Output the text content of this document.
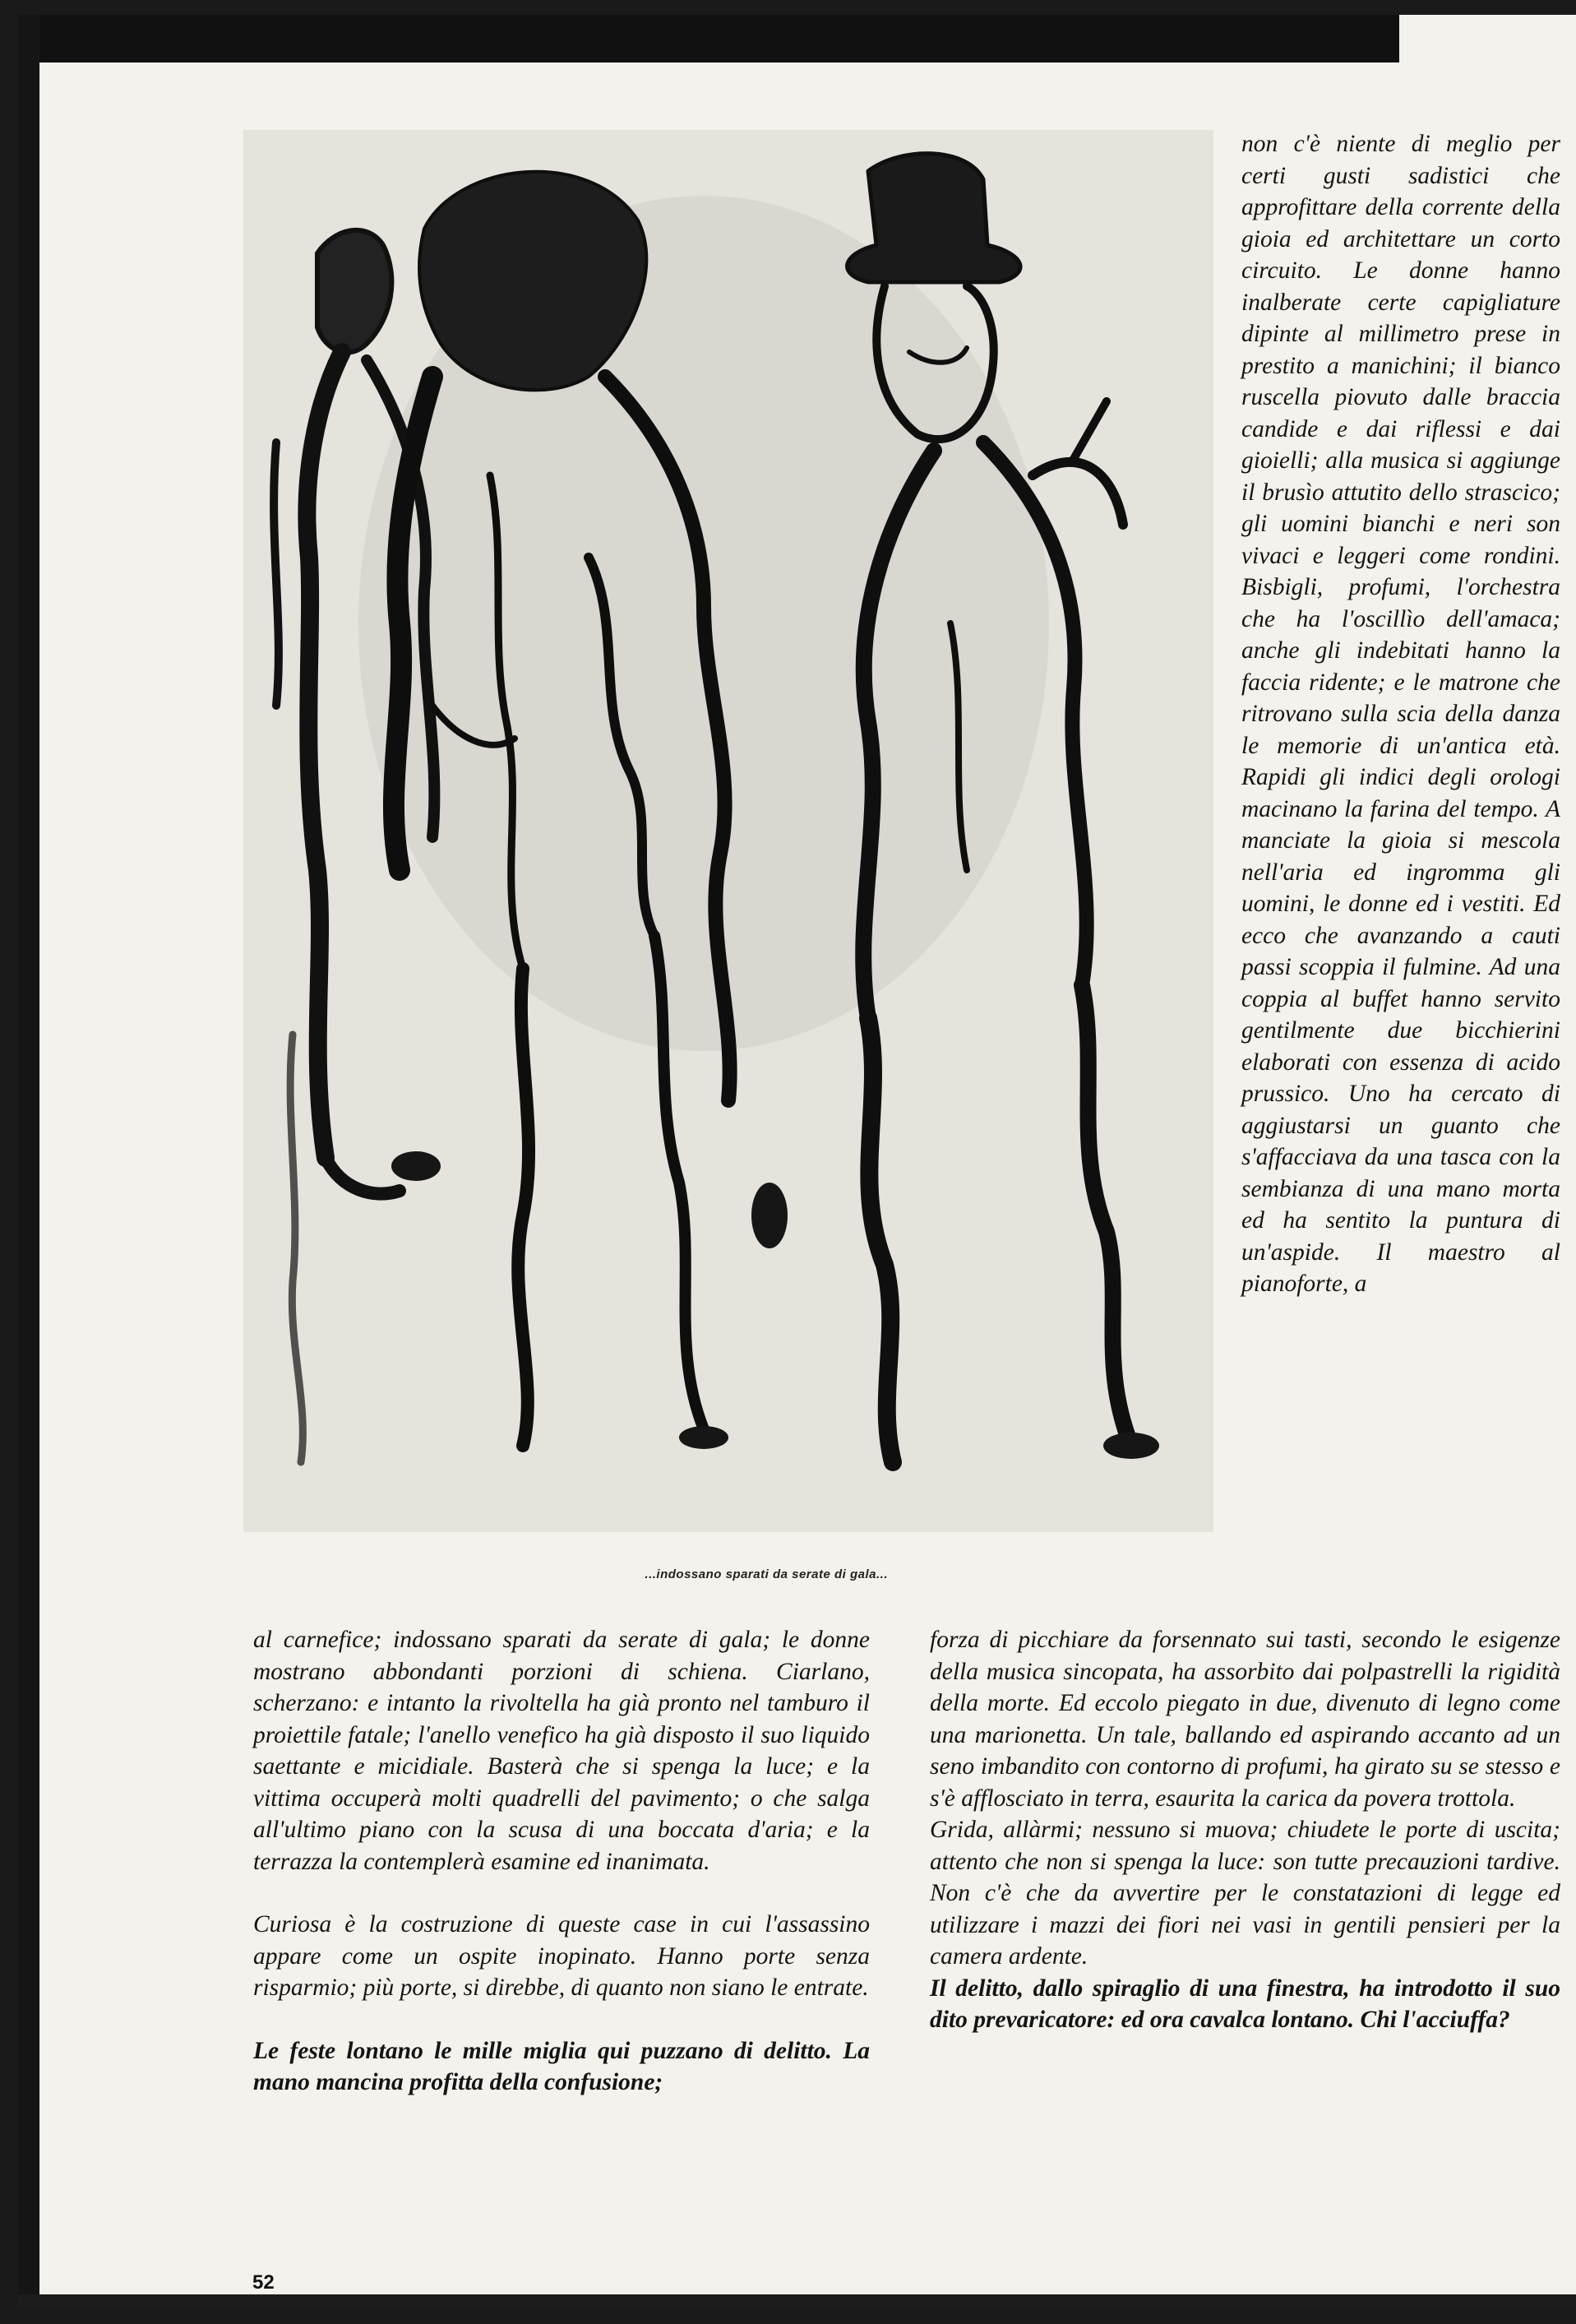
...indossano sparati da serate di gala...

non c'è niente di meglio per certi gusti sadistici che approfittare della corrente della gioia ed architettare un corto circuito. Le donne hanno inalberate certe capigliature dipinte al millimetro prese in prestito a manichini; il bianco ruscella piovuto dalle braccia candide e dai riflessi e dai gioielli; alla musica si aggiunge il brusìo attutito dello strascico; gli uomini bianchi e neri son vivaci e leggeri come rondini. Bisbigli, profumi, l'orchestra che ha l'oscillìo dell'amaca; anche gli indebitati hanno la faccia ridente; e le matrone che ritrovano sulla scia della danza le memorie di un'antica età. Rapidi gli indici degli orologi macinano la farina del tempo. A manciate la gioia si mescola nell'aria ed ingromma gli uomini, le donne ed i vestiti. Ed ecco che avanzando a cauti passi scoppia il fulmine. Ad una coppia al buffet hanno servito gentilmente due bicchierini elaborati con essenza di acido prussico. Uno ha cercato di aggiustarsi un guanto che s'affacciava da una tasca con la sembianza di una mano morta ed ha sentito la puntura di un'aspide. Il maestro al pianoforte, a

al carnefice; indossano sparati da serate di gala; le donne mostrano abbondanti porzioni di schiena. Ciarlano, scherzano: e intanto la rivoltella ha già pronto nel tamburo il proiettile fatale; l'anello venefico ha già disposto il suo liquido saettante e micidiale. Basterà che si spenga la luce; e la vittima occuperà molti quadrelli del pavimento; o che salga all'ultimo piano con la scusa di una boccata d'aria; e la terrazza la contemplerà esamine ed inanimata.

Curiosa è la costruzione di queste case in cui l'assassino appare come un ospite inopinato. Hanno porte senza risparmio; più porte, si direbbe, di quanto non siano le entrate.

Le feste lontano le mille miglia qui puzzano di delitto. La mano mancina profitta della confusione;

forza di picchiare da forsennato sui tasti, secondo le esigenze della musica sincopata, ha assorbito dai polpastrelli la rigidità della morte. Ed eccolo piegato in due, divenuto di legno come una marionetta. Un tale, ballando ed aspirando accanto ad un seno imbandito con contorno di profumi, ha girato su se stesso e s'è afflosciato in terra, esaurita la carica da povera trottola.

Grida, allàrmi; nessuno si muova; chiudete le porte di uscita; attento che non si spenga la luce: son tutte precauzioni tardive. Non c'è che da avvertire per le constatazioni di legge ed utilizzare i mazzi dei fiori nei vasi in gentili pensieri per la camera ardente.

Il delitto, dallo spiraglio di una finestra, ha introdotto il suo dito prevaricatore: ed ora cavalca lontano. Chi l'acciuffa?

52
